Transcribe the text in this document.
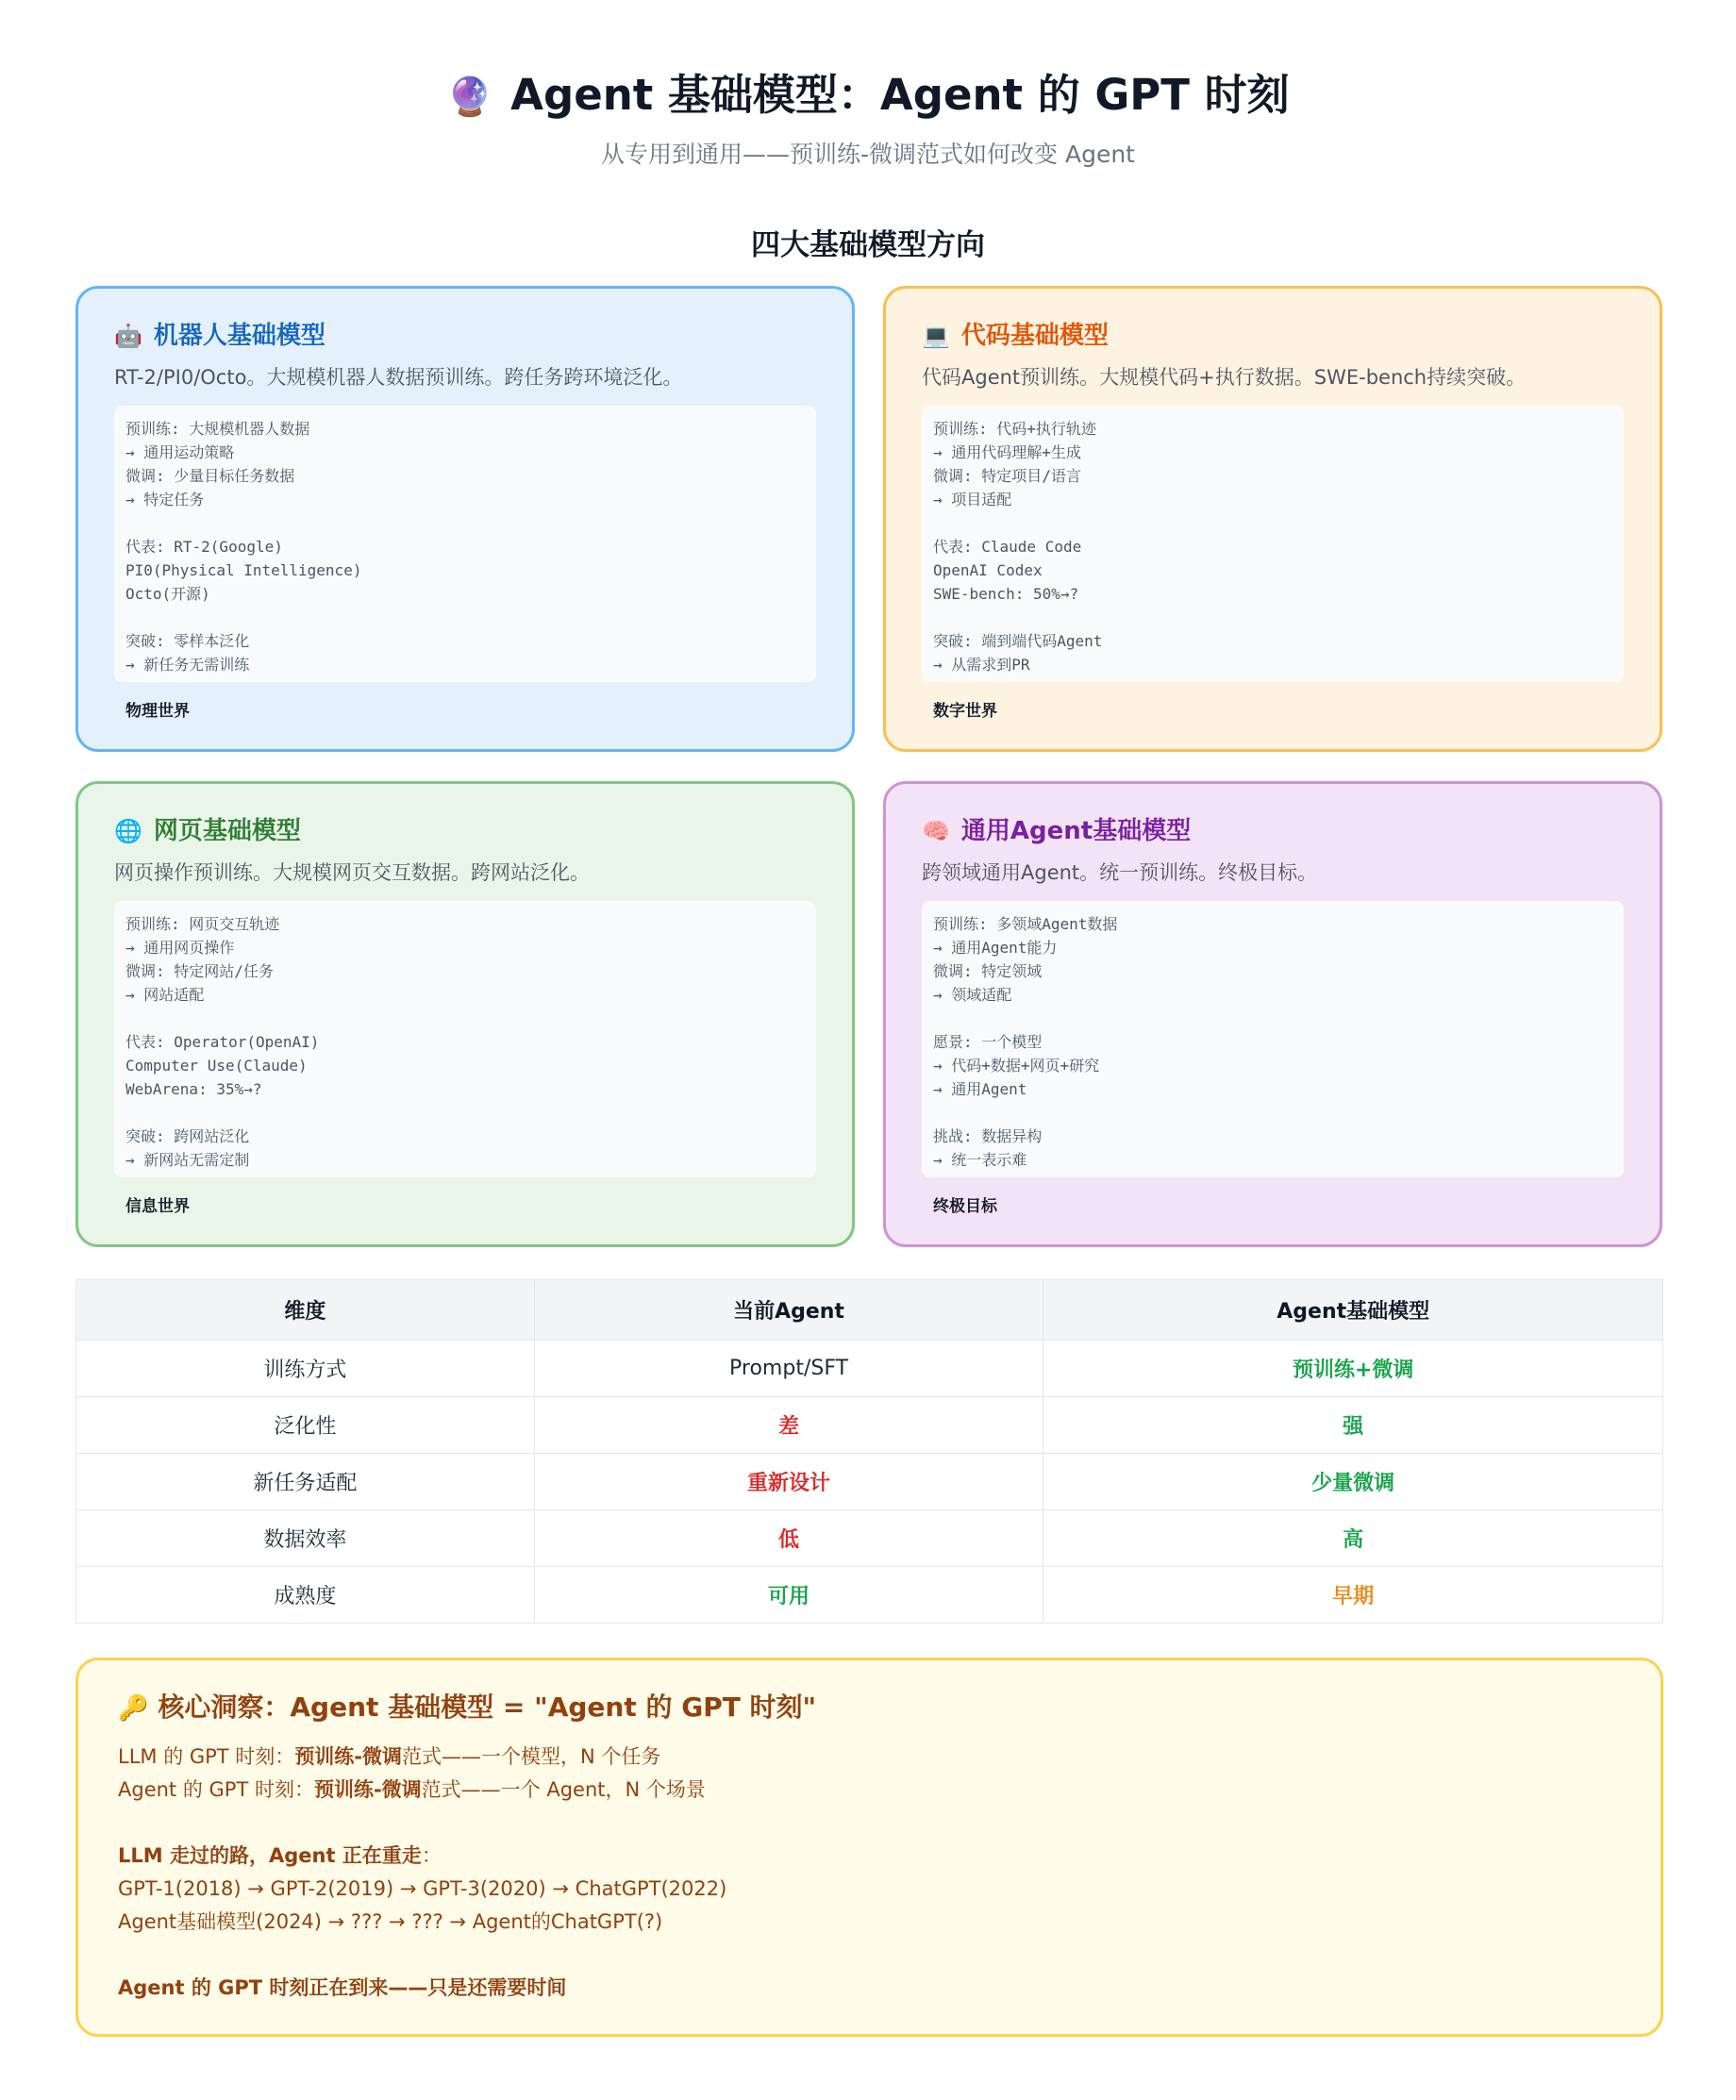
🔮 Agent 基础模型：Agent 的 GPT 时刻
从专用到通用——预训练-微调范式如何改变 Agent
四大基础模型方向
🤖 机器人基础模型
RT-2/PI0/Octo。大规模机器人数据预训练。跨任务跨环境泛化。
预训练: 大规模机器人数据
→ 通用运动策略
微调: 少量目标任务数据
→ 特定任务
代表: RT-2(Google)
PI0(Physical Intelligence)
Octo(开源)
突破: 零样本泛化
→ 新任务无需训练
物理世界
💻 代码基础模型
代码Agent预训练。大规模代码+执行数据。SWE-bench持续突破。
预训练: 代码+执行轨迹
→ 通用代码理解+生成
微调: 特定项目/语言
→ 项目适配
代表: Claude Code
OpenAI Codex
SWE-bench: 50%→?
突破: 端到端代码Agent
→ 从需求到PR
数字世界
🌐 网页基础模型
网页操作预训练。大规模网页交互数据。跨网站泛化。
预训练: 网页交互轨迹
→ 通用网页操作
微调: 特定网站/任务
→ 网站适配
代表: Operator(OpenAI)
Computer Use(Claude)
WebArena: 35%→?
突破: 跨网站泛化
→ 新网站无需定制
信息世界
🧠 通用Agent基础模型
跨领域通用Agent。统一预训练。终极目标。
预训练: 多领域Agent数据
→ 通用Agent能力
微调: 特定领域
→ 领域适配
愿景: 一个模型
→ 代码+数据+网页+研究
→ 通用Agent
挑战: 数据异构
→ 统一表示难
终极目标
维度	当前Agent	Agent基础模型
训练方式	Prompt/SFT	预训练+微调
泛化性	差	强
新任务适配	重新设计	少量微调
数据效率	低	高
成熟度	可用	早期
🔑 核心洞察：Agent 基础模型 = "Agent 的 GPT 时刻"
LLM 的 GPT 时刻：预训练-微调范式——一个模型，N 个任务
Agent 的 GPT 时刻：预训练-微调范式——一个 Agent，N 个场景
LLM 走过的路，Agent 正在重走：
GPT-1(2018) → GPT-2(2019) → GPT-3(2020) → ChatGPT(2022)
Agent基础模型(2024) → ??? → ??? → Agent的ChatGPT(?)
Agent 的 GPT 时刻正在到来——只是还需要时间
